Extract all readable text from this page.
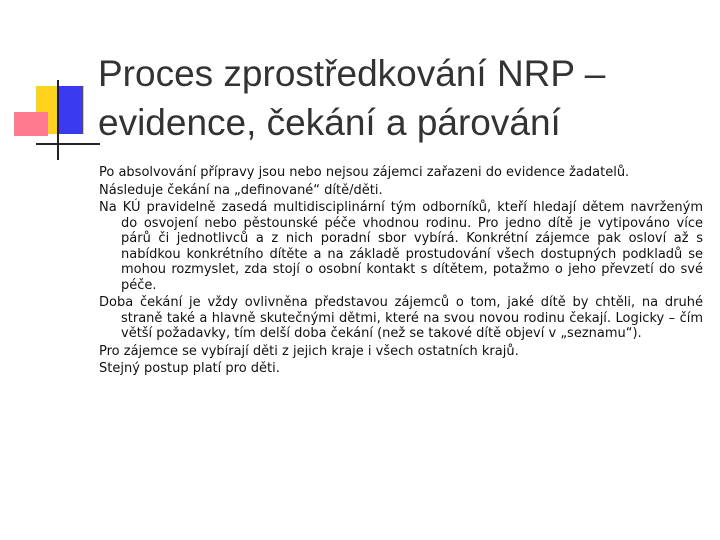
Proces zprostředkování NRP –
evidence, čekání a párování

Po absolvování přípravy jsou nebo nejsou zájemci zařazeni do evidence žadatelů.

Následuje čekání na „definované“ dítě/děti.

Na KÚ pravidelně zasedá multidisciplinární tým odborníků, kteří hledají dětem navrženým do osvojení nebo pěstounské péče vhodnou rodinu. Pro jedno dítě je vytipováno více párů či jednotlivců a z nich poradní sbor vybírá. Konkrétní zájemce pak osloví až s nabídkou konkrétního dítěte a na základě prostudování všech dostupných podkladů se mohou rozmyslet, zda stojí o osobní kontakt s dítětem, potažmo o jeho převzetí do své péče.

Doba čekání je vždy ovlivněna představou zájemců o tom, jaké dítě by chtěli, na druhé straně také a hlavně skutečnými dětmi, které na svou novou rodinu čekají. Logicky – čím větší požadavky, tím delší doba čekání (než se takové dítě objeví v „seznamu“).

Pro zájemce se vybírají děti z jejich kraje i všech ostatních krajů.

Stejný postup platí pro děti.
